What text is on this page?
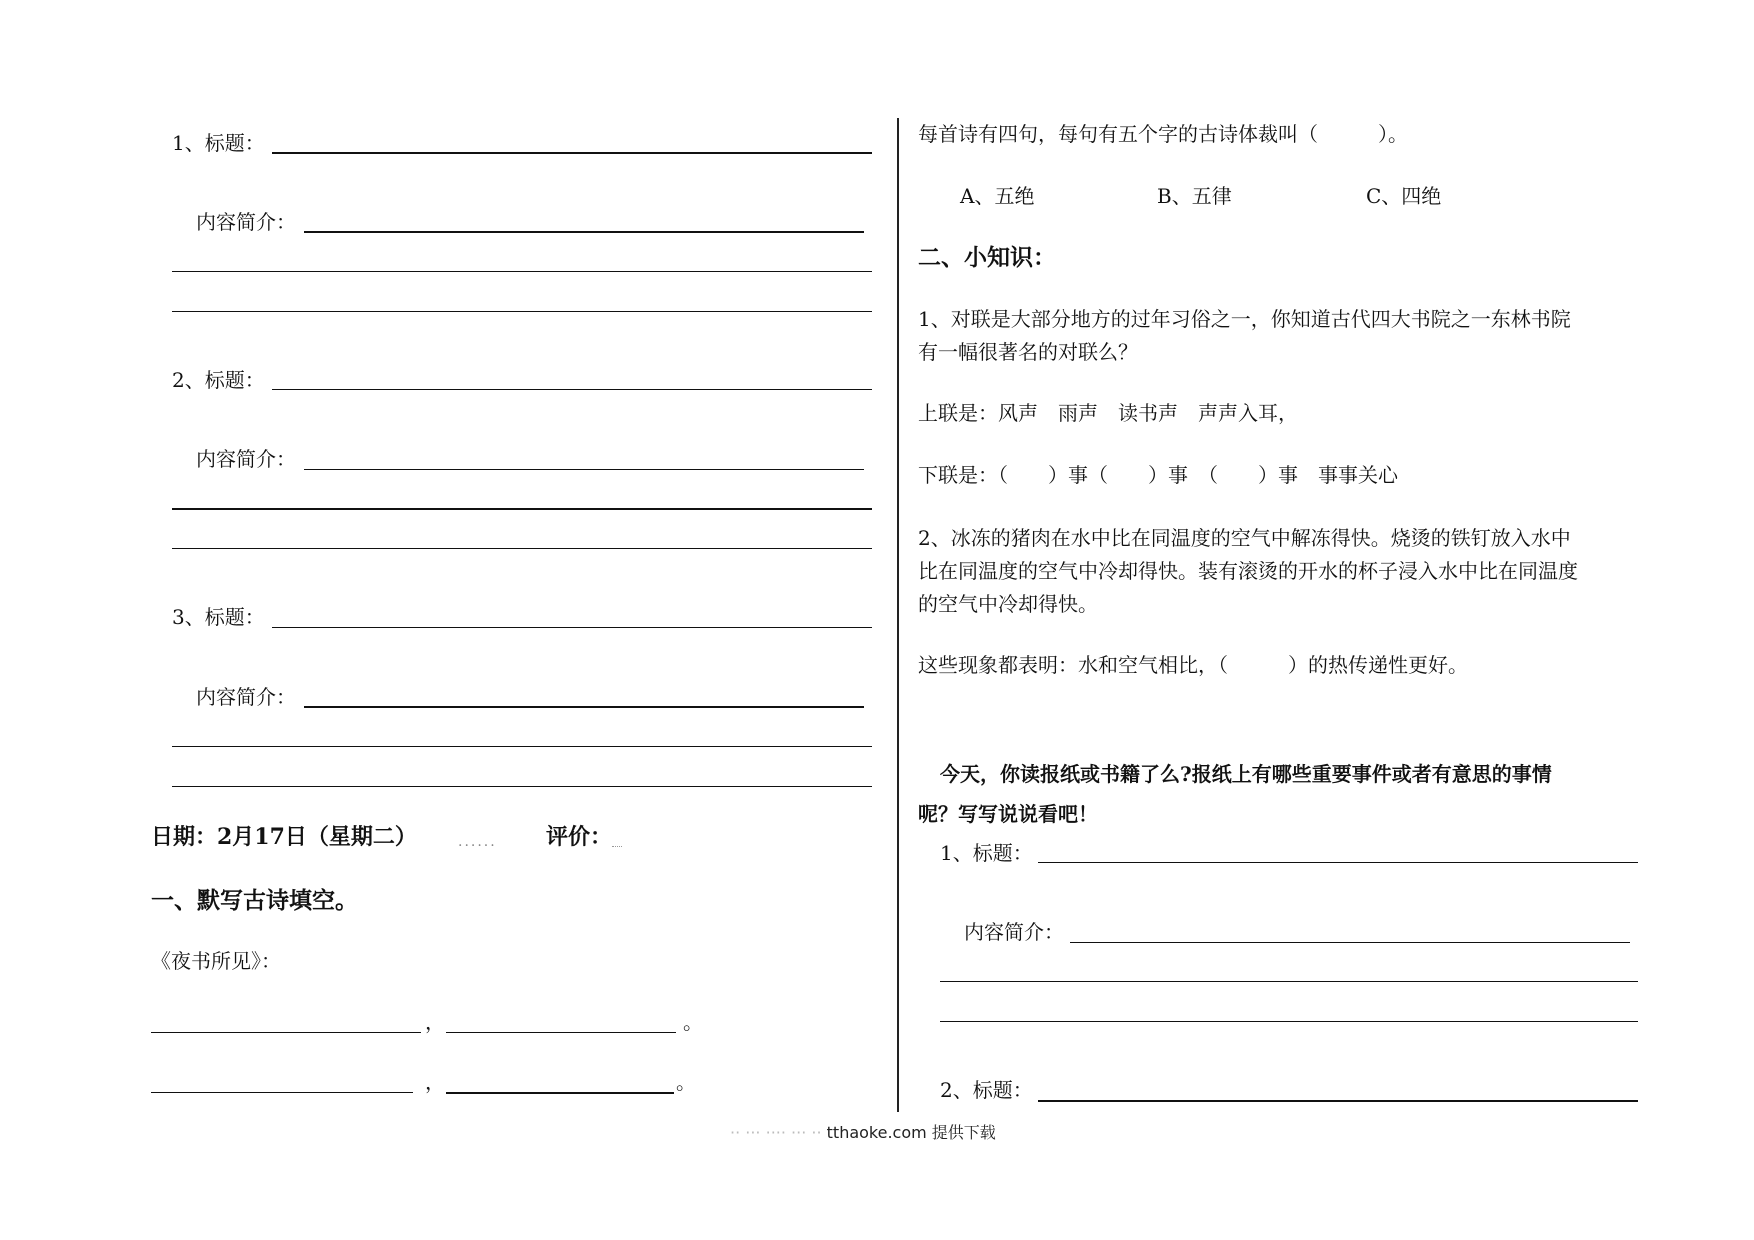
1、标题：
内容简介：
2、标题：
内容简介：
3、标题：
内容简介：
日期：2月17日（星期二）	...... 评价：
一、默写古诗填空。
《夜书所见》：
，	。
，	。
每首诗有四句，每句有五个字的古诗体裁叫（　　　）。
A、五绝	B、五律	C、四绝
二、小知识：
1、对联是大部分地方的过年习俗之一，你知道古代四大书院之一东林书院
有一幅很著名的对联么？
上联是：风声　雨声　读书声　声声入耳，
下联是：（　　）事（　　）事　（　　）事　事事关心
2、冰冻的猪肉在水中比在同温度的空气中解冻得快。烧烫的铁钉放入水中
比在同温度的空气中冷却得快。装有滚烫的开水的杯子浸入水中比在同温度
的空气中冷却得快。
这些现象都表明：水和空气相比，（　　　）的热传递性更好。
今天，你读报纸或书籍了么?报纸上有哪些重要事件或者有意思的事情
呢？写写说说看吧！
1、标题：
内容简介：
2、标题：
·· ··· ···· ··· ·· tthaoke.com 提供下载
